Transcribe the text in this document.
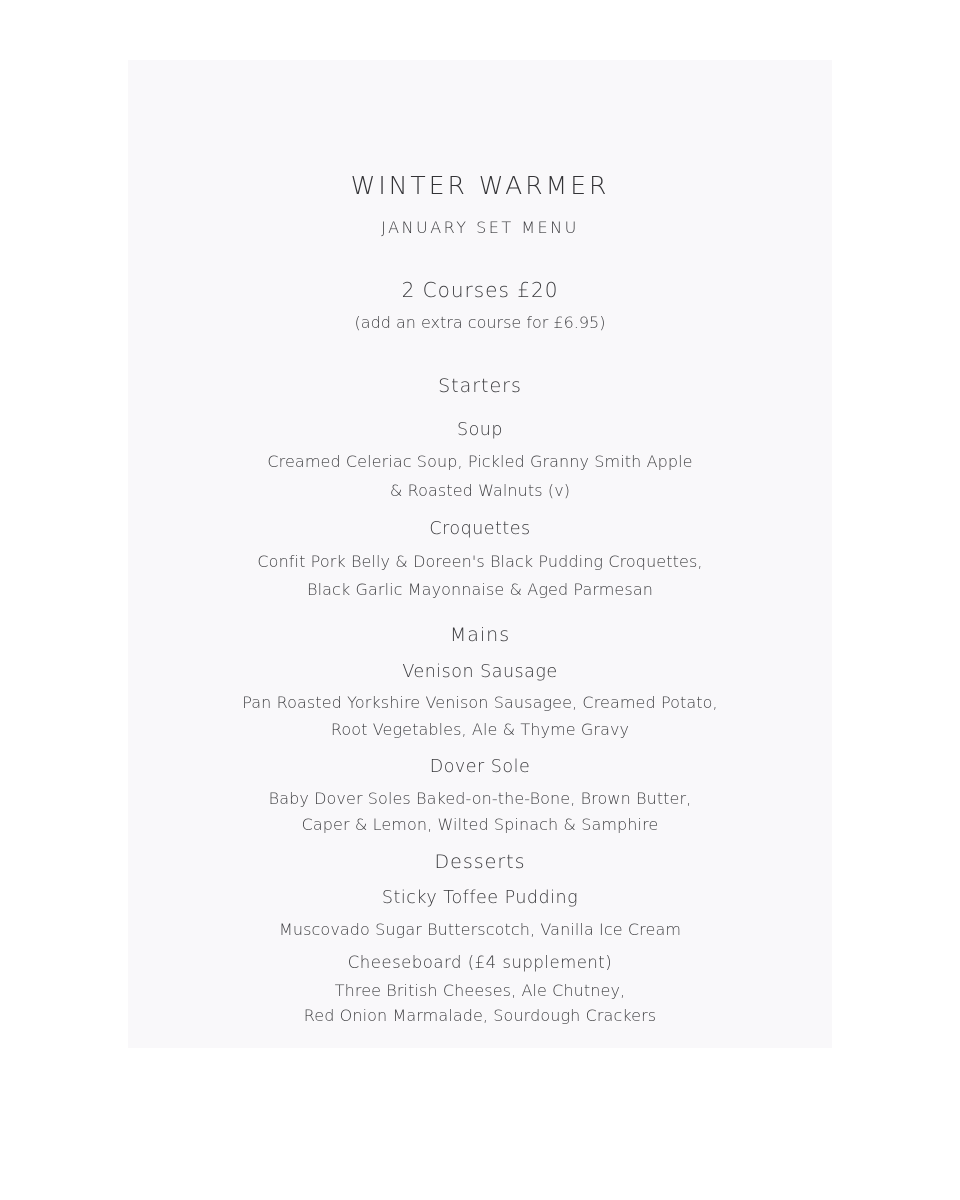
WINTER WARMER
JANUARY SET MENU
2 Courses £20
(add an extra course for £6.95)
Starters
Soup
Creamed Celeriac Soup, Pickled Granny Smith Apple
& Roasted Walnuts (v)
Croquettes
Confit Pork Belly & Doreen's Black Pudding Croquettes,
Black Garlic Mayonnaise & Aged Parmesan
Mains
Venison Sausage
Pan Roasted Yorkshire Venison Sausagee, Creamed Potato,
Root Vegetables, Ale & Thyme Gravy
Dover Sole
Baby Dover Soles Baked-on-the-Bone, Brown Butter,
Caper & Lemon, Wilted Spinach & Samphire
Desserts
Sticky Toffee Pudding
Muscovado Sugar Butterscotch, Vanilla Ice Cream
Cheeseboard (£4 supplement)
Three British Cheeses, Ale Chutney,
Red Onion Marmalade, Sourdough Crackers
